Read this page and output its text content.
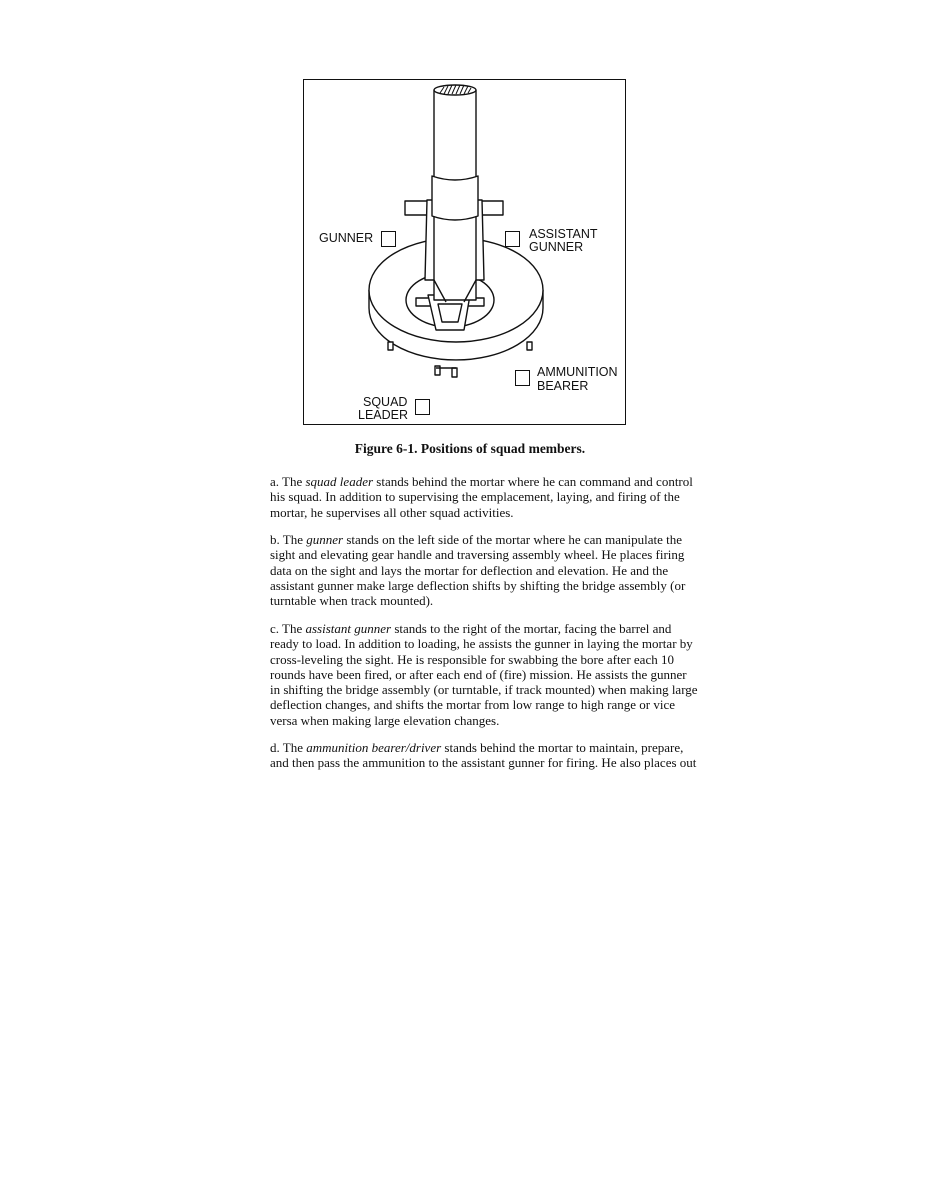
GUNNER	ASSISTANT
GUNNER
AMMUNITION
BEARER
SQUAD
LEADER
Figure 6-1. Positions of squad members.

a. The squad leader stands behind the mortar where he can command and control
his squad. In addition to supervising the emplacement, laying, and firing of the
mortar, he supervises all other squad activities.

b. The gunner stands on the left side of the mortar where he can manipulate the
sight and elevating gear handle and traversing assembly wheel. He places firing
data on the sight and lays the mortar for deflection and elevation. He and the
assistant gunner make large deflection shifts by shifting the bridge assembly (or
turntable when track mounted).

c. The assistant gunner stands to the right of the mortar, facing the barrel and
ready to load. In addition to loading, he assists the gunner in laying the mortar by
cross-leveling the sight. He is responsible for swabbing the bore after each 10
rounds have been fired, or after each end of (fire) mission. He assists the gunner
in shifting the bridge assembly (or turntable, if track mounted) when making large
deflection changes, and shifts the mortar from low range to high range or vice
versa when making large elevation changes.

d. The ammunition bearer/driver stands behind the mortar to maintain, prepare,
and then pass the ammunition to the assistant gunner for firing. He also places out
